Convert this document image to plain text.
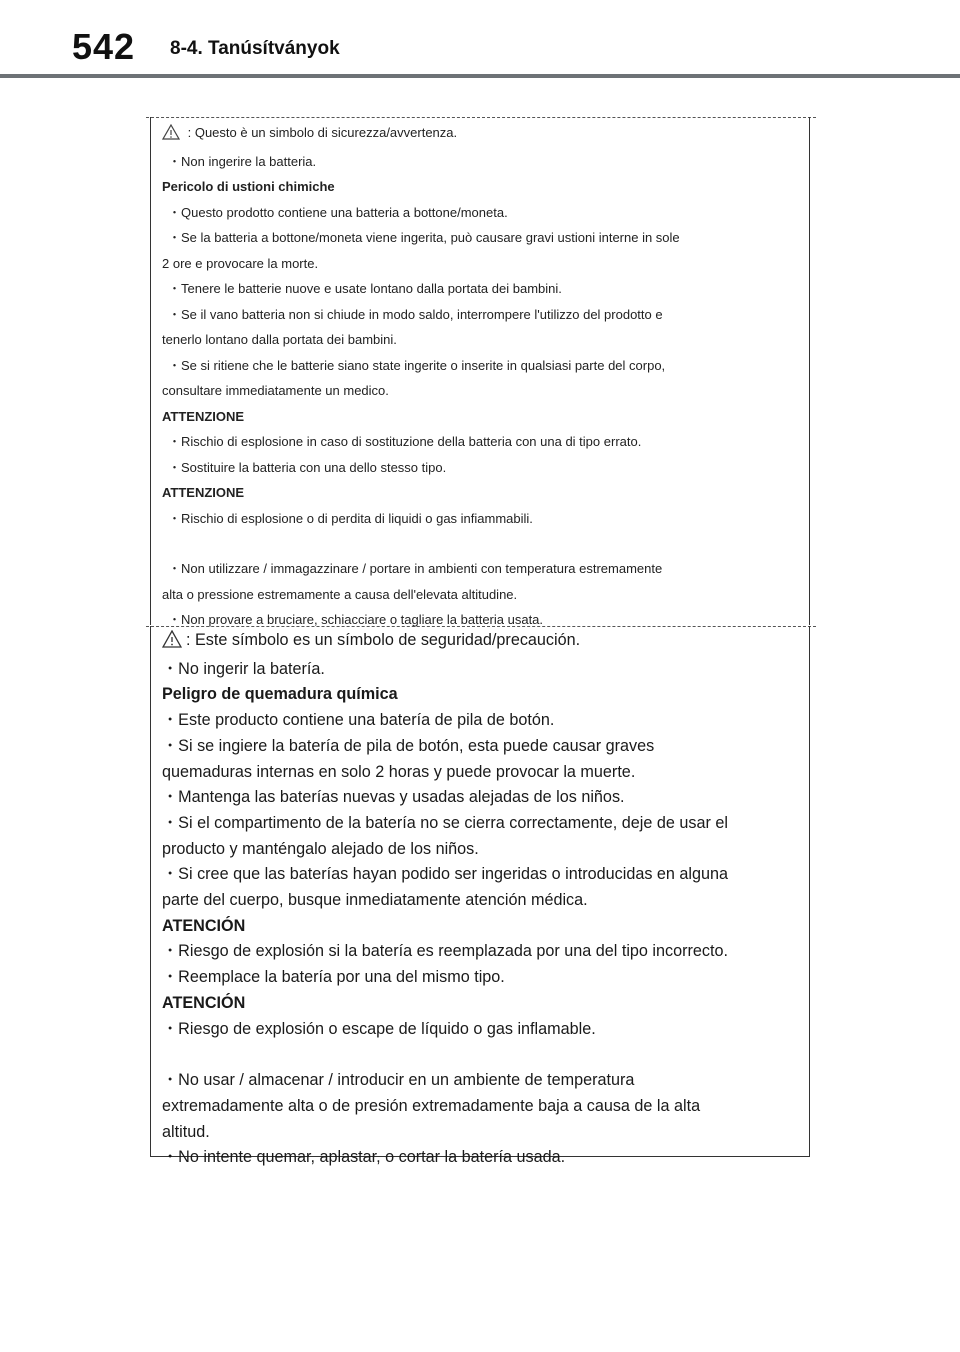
542 8-4. Tanúsítványok
: Questo è un simbolo di sicurezza/avvertenza.
・Non ingerire la batteria.
Pericolo di ustioni chimiche
・Questo prodotto contiene una batteria a bottone/moneta.
・Se la batteria a bottone/moneta viene ingerita, può causare gravi ustioni interne in sole
2 ore e provocare la morte.
・Tenere le batterie nuove e usate lontano dalla portata dei bambini.
・Se il vano batteria non si chiude in modo saldo, interrompere l'utilizzo del prodotto e
tenerlo lontano dalla portata dei bambini.
・Se si ritiene che le batterie siano state ingerite o inserite in qualsiasi parte del corpo,
consultare immediatamente un medico.
ATTENZIONE
・Rischio di esplosione in caso di sostituzione della batteria con una di tipo errato.
・Sostituire la batteria con una dello stesso tipo.
ATTENZIONE
・Rischio di esplosione o di perdita di liquidi o gas infiammabili.
・Non utilizzare / immagazzinare / portare in ambienti con temperatura estremamente
alta o pressione estremamente a causa dell'elevata altitudine.
・Non provare a bruciare, schiacciare o tagliare la batteria usata.
: Este símbolo es un símbolo de seguridad/precaución.
・No ingerir la batería.
Peligro de quemadura química
・Este producto contiene una batería de pila de botón.
・Si se ingiere la batería de pila de botón, esta puede causar graves
quemaduras internas en solo 2 horas y puede provocar la muerte.
・Mantenga las baterías nuevas y usadas alejadas de los niños.
・Si el compartimento de la batería no se cierra correctamente, deje de usar el
producto y manténgalo alejado de los niños.
・Si cree que las baterías hayan podido ser ingeridas o introducidas en alguna
parte del cuerpo, busque inmediatamente atención médica.
ATENCIÓN
・Riesgo de explosión si la batería es reemplazada por una del tipo incorrecto.
・Reemplace la batería por una del mismo tipo.
ATENCIÓN
・Riesgo de explosión o escape de líquido o gas inflamable.
・No usar / almacenar / introducir en un ambiente de temperatura
extremadamente alta o de presión extremadamente baja a causa de la alta
altitud.
・No intente quemar, aplastar, o cortar la batería usada.
